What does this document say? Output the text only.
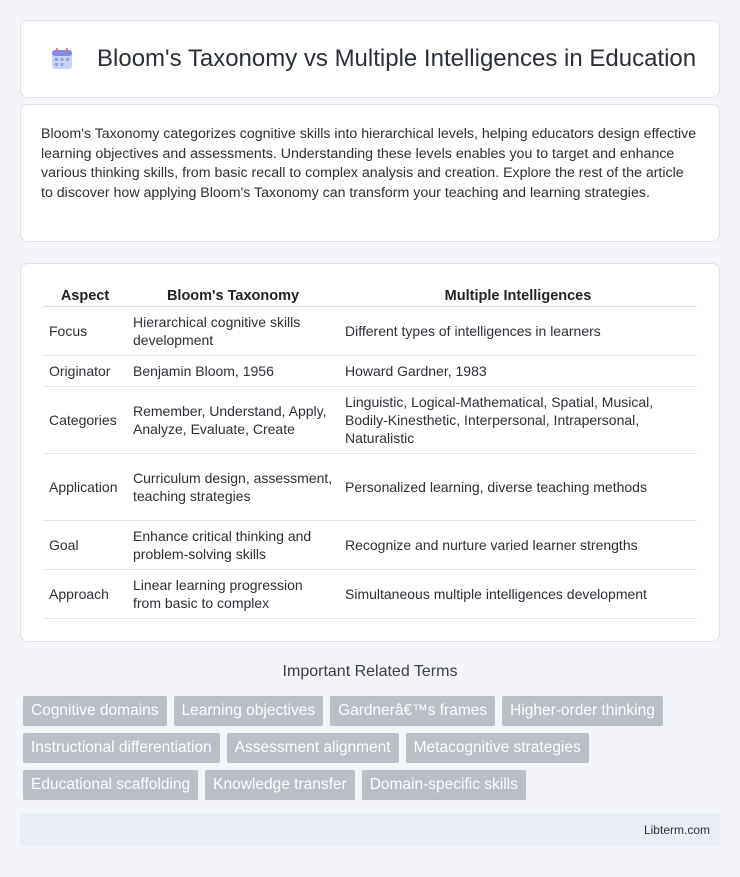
Bloom's Taxonomy vs Multiple Intelligences in Education

Bloom's Taxonomy categorizes cognitive skills into hierarchical levels, helping educators design effective learning objectives and assessments. Understanding these levels enables you to target and enhance various thinking skills, from basic recall to complex analysis and creation. Explore the rest of the article to discover how applying Bloom's Taxonomy can transform your teaching and learning strategies.

Aspect	Bloom's Taxonomy	Multiple Intelligences
Focus	Hierarchical cognitive skills development	Different types of intelligences in learners
Originator	Benjamin Bloom, 1956	Howard Gardner, 1983
Categories	Remember, Understand, Apply, Analyze, Evaluate, Create	Linguistic, Logical-Mathematical, Spatial, Musical, Bodily-Kinesthetic, Interpersonal, Intrapersonal, Naturalistic
Application	Curriculum design, assessment, teaching strategies	Personalized learning, diverse teaching methods
Goal	Enhance critical thinking and problem-solving skills	Recognize and nurture varied learner strengths
Approach	Linear learning progression from basic to complex	Simultaneous multiple intelligences development
Important Related Terms
Cognitive domains	Learning objectives	Gardnerâ€™s frames	Higher-order thinking
Instructional differentiation	Assessment alignment	Metacognitive strategies
Educational scaffolding	Knowledge transfer	Domain-specific skills
Libterm.com
